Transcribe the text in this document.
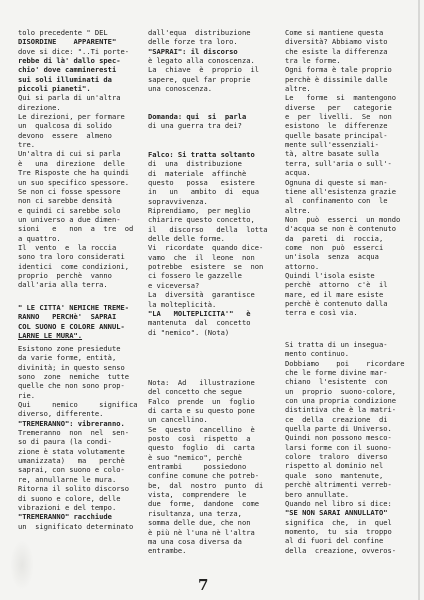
tolo precedente " DEL

DISORDINE    APPARENTE"

dove si dice: "..Ti porte-

rebbe di là' dallo spec-

chio' dove cammineresti

sui soli illuminati da

piccoli pianeti".

Qui si parla di un'altra

direzione.

Le direzioni, per formare

un  qualcosa di solido

devono  essere  almeno

tre.

Un'altra di cui si parla

è   una  direzione  delle

Tre Risposte che ha quindi

un suo specifico spessore.

Se non ci fosse spessore

non ci sarebbe densità

e quindi ci sarebbe solo

un universo a due dimen-

sioni   e   non  a  tre  od

a quattro.

Il  vento  e  la roccia

sono tra loro considerati

identici  come condizioni,

proprio  perchè  vanno

dall'aria alla terra.

" LE CITTA' NEMICHE TREME-

RANNO   PERCHè'  SAPRAI

COL SUONO E COLORE ANNUL-

LARNE LE MURA".

Esistono zone presiedute

da varie forme, entità,

divinità; in questo senso

sono  zone  nemiche  tutte

quelle che non sono prop-

rie.

Qui     nemico     significa

diverso, differente.

"TREMERANNO": vibreranno.

Tremeranno  non  nel  sen-

so di paura (la condi-

zione è stata volutamente

umanizzata)   ma   perchè

saprai, con suono e colo-

re, annullarne le mura.

Ritorna il solito discorso

di suono e colore, delle

vibrazioni e del tempo.

"TREMERANNO" racchiude

un  significato determinato

dall'equa  distribuzione

delle forze tra loro.

"SAPRAI": il discorso

è legato alla conoscenza.

La  chiave  è  proprio  il

sapere, quel far proprie

una conoscenza.

Domanda: qui  si  parla

di una guerra tra dei?

Falco: Si tratta soltanto

di  una  distribuzione

di  materiale  affinchè

questo   possa   esistere

in   un   ambito  di  equa

sopravvivenza.

Riprendiamo,  per meglio

chiarire questo concetto,

il   discorso   della  lotta

delle delle forme.

Vi  ricordate  quando dice-

vamo  che  il  leone  non

potrebbe  esistere  se  non

ci fossero le gazzelle

e viceversa?

La  diversità  garantisce

la molteplicità.

"LA   MOLTEPLICITA'"   è

mantenuta  dal  concetto

di "nemico". (Nota)

Nota:  Ad   illustrazione

del concetto che segue

Falco  prende  un  foglio

di carta e su questo pone

un cancellino.

Se  questo  cancellino  è

posto  così  rispetto  a

questo  foglio  di  carta

è suo "nemico", perchè

entrambi     possiedono

confine comune che potreb-

be,  dal  nostro  punto  di

vista,  comprendere  le

due  forme,  dandone  come

risultanza, una terza,

somma delle due, che non

è più nè l'una nè l'altra

ma una cosa diversa da

entrambe.

Come si mantiene questa

diversità? Abbiamo visto

che esiste la differenza

tra le forme.

Ogni forma è tale proprio

perchè è dissimile dalle

altre.

Le   forme  si  mantengono

diverse   per   categorie

e  per  livelli.  Se  non

esistono  le  differenze

quelle basate principal-

mente sull'essenziali-

tà, altre basate sulla

terra, sull'aria o sull'-

acqua.

Ognuna di queste si man-

tiene all'esistenza grazie

al  confinamento con  le

altre.

Non  può  esserci  un mondo

d'acqua se non è contenuto

da  pareti  di  roccia,

come  non  può  esserci

un'isola  senza  acqua

attorno.

Quindi l'isola esiste

perchè  attorno  c'è  il

mare, ed il mare esiste

perchè è contenuto dalla

terra e così via.

Si tratta di un insegua-

mento continuo.

Dobbiamo    poi    ricordare

che le forme divine mar-

chiano  l'esistente  con

un  proprio  suono-colore,

con una propria condizione

distintiva che è la matri-

ce  della  creazione  di

quella parte di Universo.

Quindi non possono mesco-

larsi forme con il suono-

colore  traloro  diverso

rispetto al dominio nel

quale  sono  mantenute,

perchè altrimenti verreb-

bero annullate.

Quando nel libro si dice:

"SE NON SARAI ANNULLATO"

significa  che,  in  quel

momento,  tu  sia  troppo

al di fuori del confine

della  creazione, ovveros-

7
